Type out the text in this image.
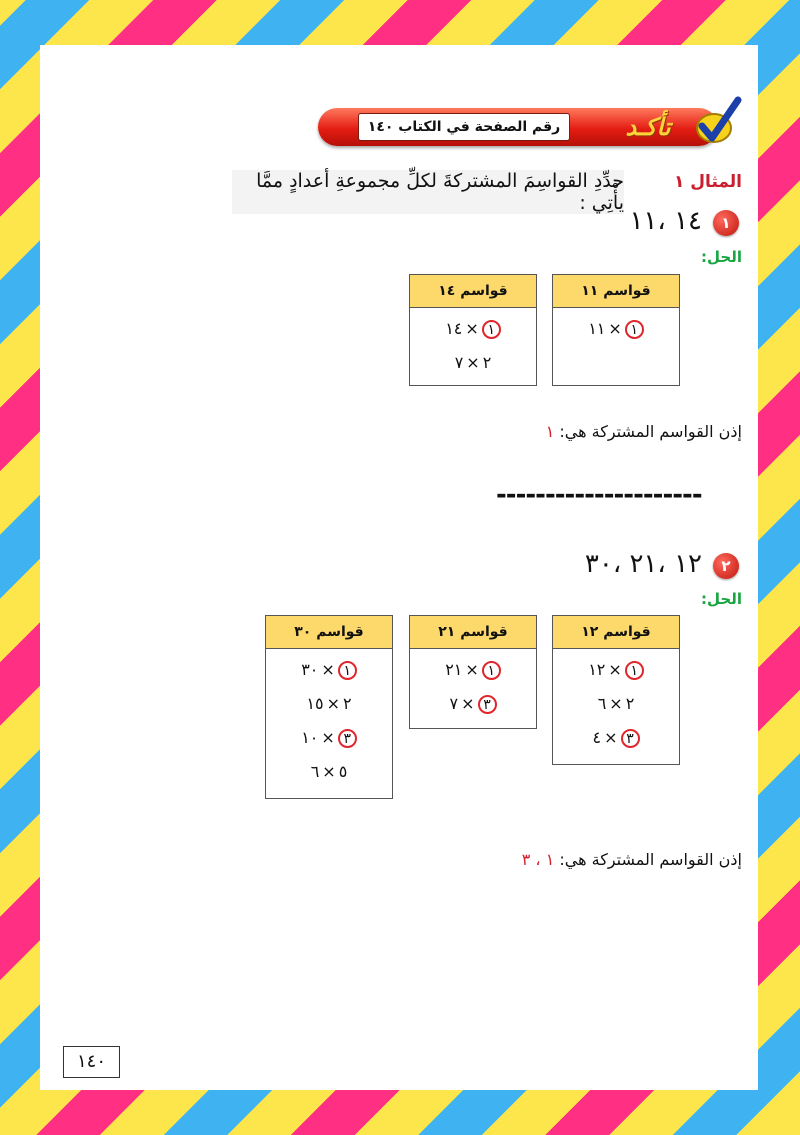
رقم الصفحة في الكتاب ١٤٠	تأكـد
المثال ١
حدِّدِ القواسِمَ المشتركةَ لكلِّ مجموعةِ أعدادٍ ممَّا يأْتِي :
١
١٤ ،١١
الحل:
قواسم ١١
١×١١
قواسم ١٤
١×١٤
٢×٧
إذن القواسم المشتركة هي: ١
---------------------
٢
١٢ ،٢١ ،٣٠
الحل:
قواسم ١٢
١×١٢
٢×٦
٣×٤
قواسم ٢١
١×٢١
٣×٧
قواسم ٣٠
١×٣٠
٢×١٥
٣×١٠
٥×٦
إذن القواسم المشتركة هي: ١ ، ٣
١٤٠
